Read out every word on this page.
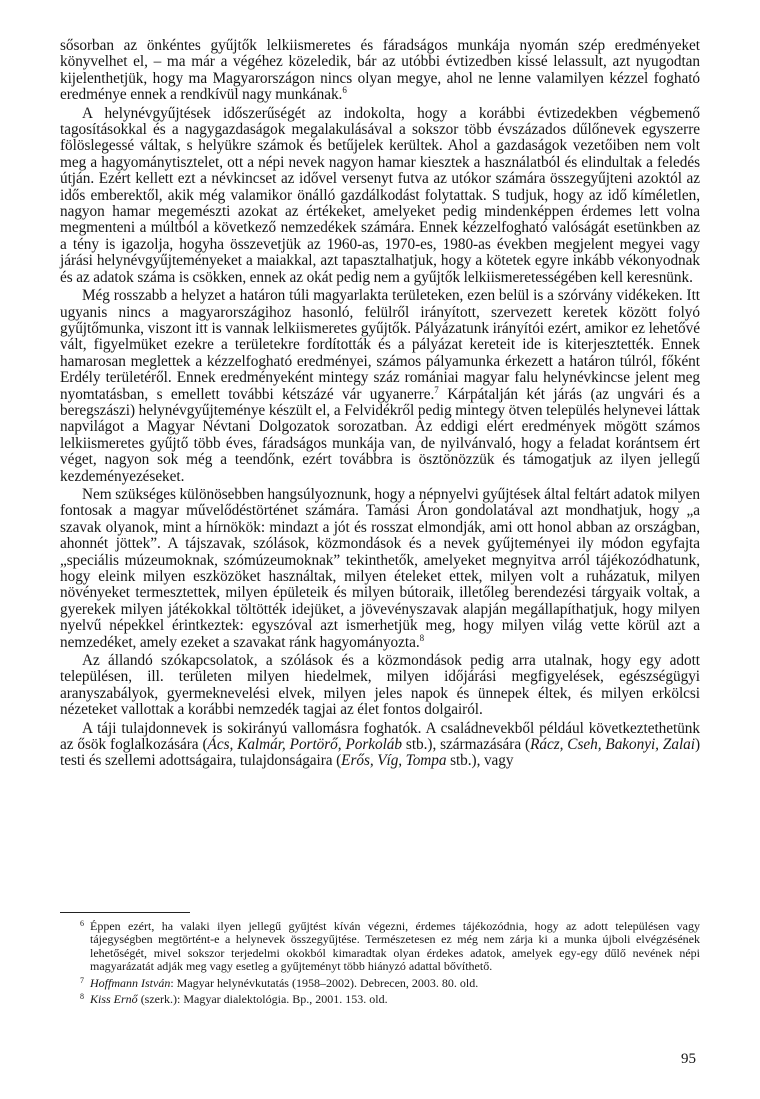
sősorban az önkéntes gyűjtők lelkiismeretes és fáradságos munkája nyomán szép eredményeket könyvelhet el, – ma már a végéhez közeledik, bár az utóbbi évtizedben kissé lelassult, azt nyugodtan kijelenthetjük, hogy ma Magyarországon nincs olyan megye, ahol ne lenne valamilyen kézzel fogható eredménye ennek a rendkívül nagy munkának.$^6$

A helynévgyűjtések időszerűségét az indokolta, hogy a korábbi évtizedekben végbemenő tagosításokkal és a nagygazdaságok megalakulásával a sokszor több évszázados dűlőnevek egyszerre fölöslegessé váltak, s helyükre számok és betűjelek kerültek. Ahol a gazdaságok vezetőiben nem volt meg a hagyománytisztelet, ott a népi nevek nagyon hamar kiesztek a használatból és elindultak a feledés útján. Ezért kellett ezt a névkincset az idővel versenyt futva az utókor számára összegyűjteni azoktól az idős emberektől, akik még valamikor önálló gazdálkodást folytattak. S tudjuk, hogy az idő kíméletlen, nagyon hamar megemészti azokat az értékeket, amelyeket pedig mindenképpen érdemes lett volna megmenteni a múltból a következő nemzedékek számára. Ennek kézzelfogható valóságát esetünkben az a tény is igazolja, hogyha összevetjük az 1960-as, 1970-es, 1980-as években megjelent megyei vagy járási helynévgyűjteményeket a maiakkal, azt tapasztalhatjuk, hogy a kötetek egyre inkább vékonyodnak és az adatok száma is csökken, ennek az okát pedig nem a gyűjtők lelkiismeretességében kell keresnünk.

Még rosszabb a helyzet a határon túli magyarlakta területeken, ezen belül is a szórvány vidékeken. Itt ugyanis nincs a magyarországihoz hasonló, felülről irányított, szervezett keretek között folyó gyűjtőmunka, viszont itt is vannak lelkiismeretes gyűjtők. Pályázatunk irányítói ezért, amikor ez lehetővé vált, figyelmüket ezekre a területekre fordították és a pályázat kereteit ide is kiterjesztették. Ennek hamarosan meglettek a kézzelfogható eredményei, számos pályamunka érkezett a határon túlról, főként Erdély területéről. Ennek eredményeként mintegy száz romániai magyar falu helynévkincse jelent meg nyomtatásban, s emellett további kétszázé vár ugyanerre.$^7$ Kárpátalján két járás (az ungvári és a beregszászi) helynévgyűjteménye készült el, a Felvidékről pedig mintegy ötven település helynevei láttak napvilágot a Magyar Névtani Dolgozatok sorozatban. Az eddigi elért eredmények mögött számos lelkiismeretes gyűjtő több éves, fáradságos munkája van, de nyilvánvaló, hogy a feladat korántsem ért véget, nagyon sok még a teendőnk, ezért továbbra is ösztönözzük és támogatjuk az ilyen jellegű kezdeményezéseket.

Nem szükséges különösebben hangsúlyoznunk, hogy a népnyelvi gyűjtések által feltárt adatok milyen fontosak a magyar művelődéstörténet számára. Tamási Áron gondolatával azt mondhatjuk, hogy „a szavak olyanok, mint a hírnökök: mindazt a jót és rosszat elmondják, ami ott honol abban az országban, ahonnét jöttek”. A tájszavak, szólások, közmondások és a nevek gyűjteményei ily módon egyfajta „speciális múzeumoknak, szómúzeumoknak” tekinthetők, amelyeket megnyitva arról tájékozódhatunk, hogy eleink milyen eszközöket használtak, milyen ételeket ettek, milyen volt a ruházatuk, milyen növényeket termesztettek, milyen épületeik és milyen bútoraik, illetőleg berendezési tárgyaik voltak, a gyerekek milyen játékokkal töltötték idejüket, a jövevényszavak alapján megállapíthatjuk, hogy milyen nyelvű népekkel érintkeztek: egyszóval azt ismerhetjük meg, hogy milyen világ vette körül azt a nemzedéket, amely ezeket a szavakat ránk hagyományozta.$^8$

Az állandó szókapcsolatok, a szólások és a közmondások pedig arra utalnak, hogy egy adott településen, ill. területen milyen hiedelmek, milyen időjárási megfigyelések, egészségügyi aranyszabályok, gyermeknevelési elvek, milyen jeles napok és ünnepek éltek, és milyen erkölcsi nézeteket vallottak a korábbi nemzedék tagjai az élet fontos dolgairól.

A táji tulajdonnevek is sokirányú vallomásra foghatók. A családnevekből például következtethetünk az ősök foglalkozására (Ács, Kalmár, Portörő, Porkoláb stb.), származására (Rácz, Cseh, Bakonyi, Zalai) testi és szellemi adottságaira, tulajdonságaira (Erős, Víg, Tompa stb.), vagy

6 Éppen ezért, ha valaki ilyen jellegű gyűjtést kíván végezni, érdemes tájékozódnia, hogy az adott településen vagy tájegységben megtörtént-e a helynevek összegyűjtése. Természetesen ez még nem zárja ki a munka újboli elvégzésének lehetőségét, mivel sokszor terjedelmi okokból kimaradtak olyan érdekes adatok, amelyek egy-egy dűlő nevének népi magyarázatát adják meg vagy esetleg a gyűjteményt több hiányzó adattal bővíthető.

7 Hoffmann István: Magyar helynévkutatás (1958–2002). Debrecen, 2003. 80. old.

8 Kiss Ernő (szerk.): Magyar dialektológia. Bp., 2001. 153. old.

95
